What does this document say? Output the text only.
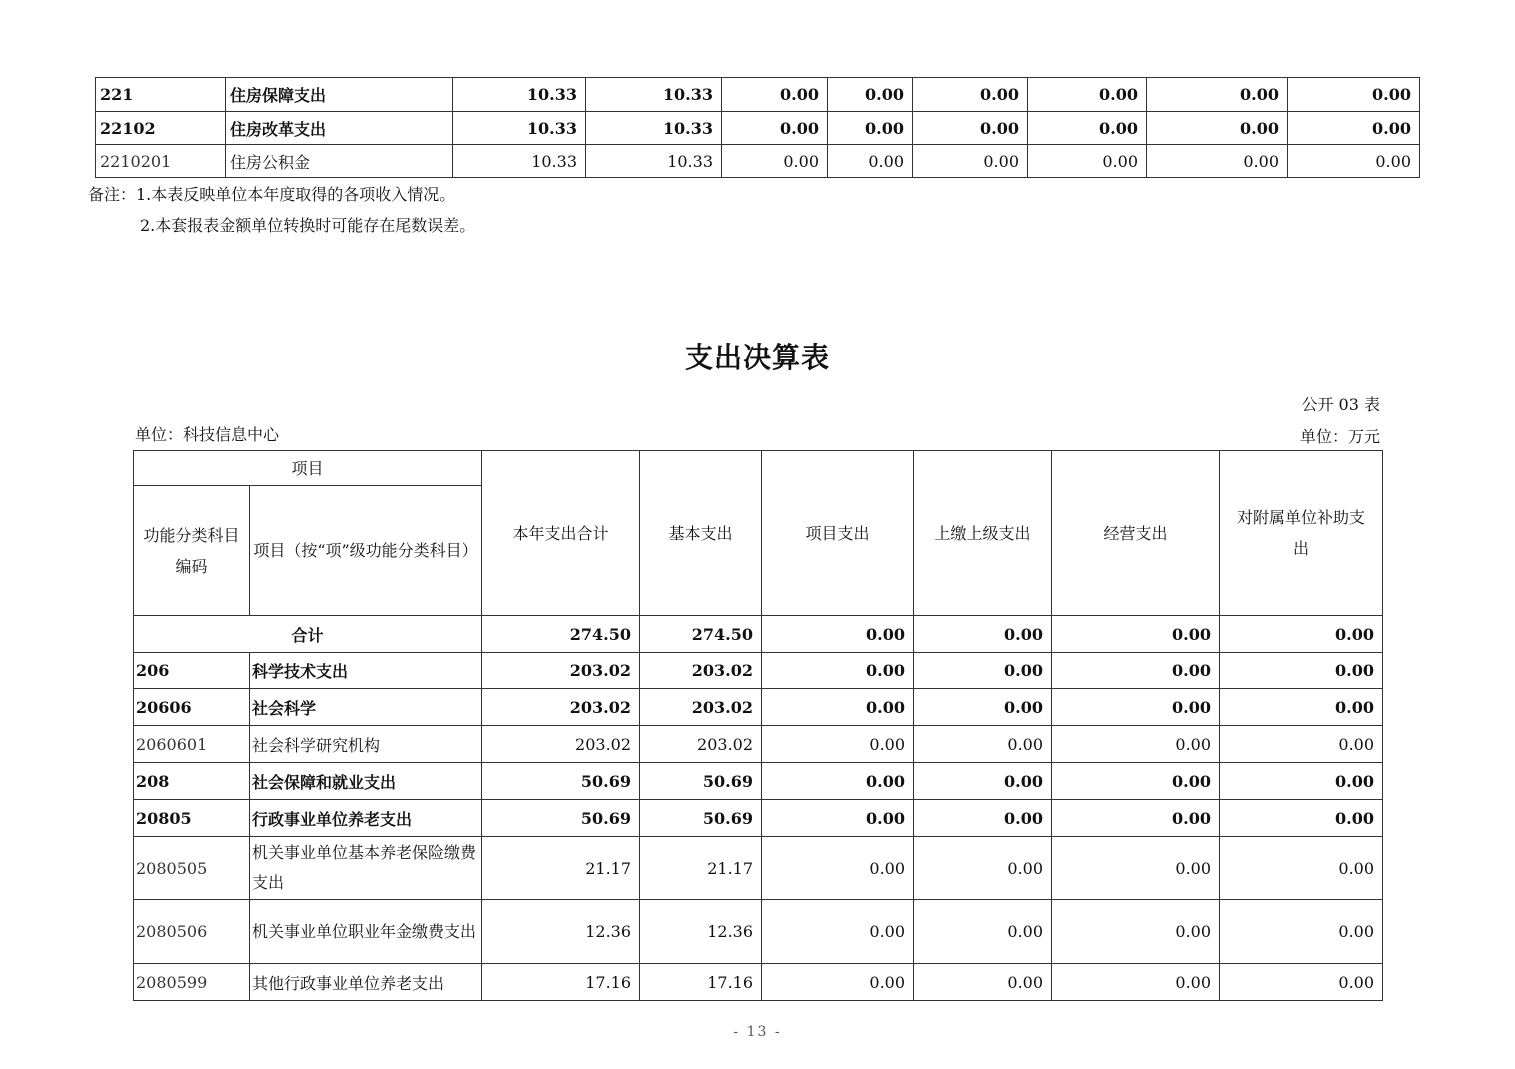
221	住房保障支出	10.33	10.33	0.00	0.00	0.00	0.00	0.00	0.00
22102	住房改革支出	10.33	10.33	0.00	0.00	0.00	0.00	0.00	0.00
2210201	住房公积金	10.33	10.33	0.00	0.00	0.00	0.00	0.00	0.00
备注：1.本表反映单位本年度取得的各项收入情况。
2.本套报表金额单位转换时可能存在尾数误差。
支出决算表
公开 03 表
单位：科技信息中心	单位：万元
项目		本年支出合计	基本支出	项目支出	上缴上级支出	经营支出	对附属单位补助支出
功能分类科目编码	项目（按“项”级功能分类科目）						
合计		274.50	274.50	0.00	0.00	0.00	0.00
206	科学技术支出	203.02	203.02	0.00	0.00	0.00	0.00
20606	社会科学	203.02	203.02	0.00	0.00	0.00	0.00
2060601	社会科学研究机构	203.02	203.02	0.00	0.00	0.00	0.00
208	社会保障和就业支出	50.69	50.69	0.00	0.00	0.00	0.00
20805	行政事业单位养老支出	50.69	50.69	0.00	0.00	0.00	0.00
2080505	机关事业单位基本养老保险缴费支出	21.17	21.17	0.00	0.00	0.00	0.00
2080506	机关事业单位职业年金缴费支出	12.36	12.36	0.00	0.00	0.00	0.00
2080599	其他行政事业单位养老支出	17.16	17.16	0.00	0.00	0.00	0.00
- 13 -
